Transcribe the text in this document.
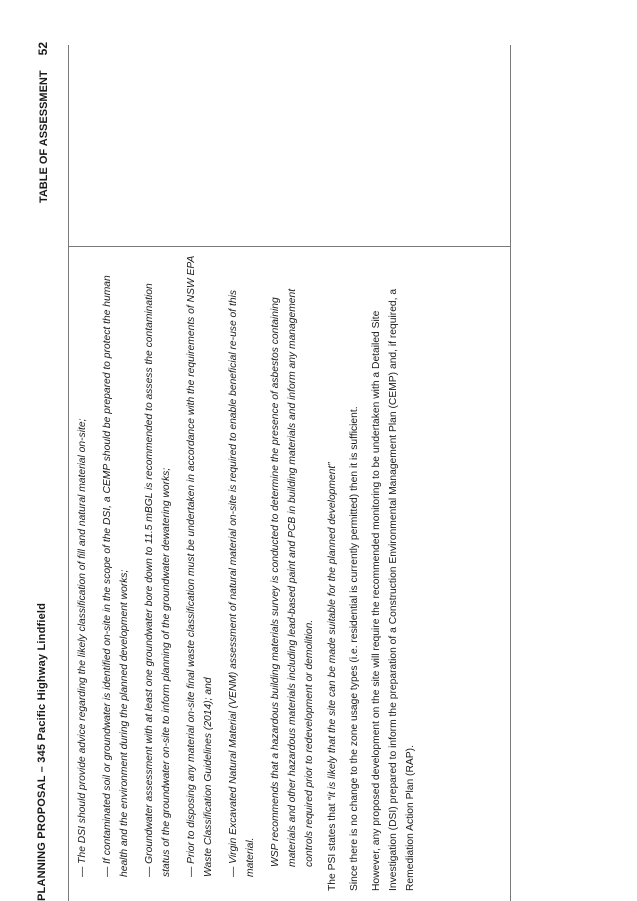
PLANNING PROPOSAL – 345 Pacific Highway Lindfield
TABLE OF ASSESSMENT 52

— The DSI should provide advice regarding the likely classification of fill and natural material on-site;

— If contaminated soil or groundwater is identified on-site in the scope of the DSI, a CEMP should be prepared to protect the human health and the environment during the planned development works; — Groundwater assessment with at least one groundwater bore down to 11.5 mBGL is recommended to assess the contamination status of the groundwater on-site to inform planning of the groundwater dewatering works; — Prior to disposing any material on-site final waste classification must be undertaken in accordance with the requirements of NSW EPA Waste Classification Guidelines (2014); and — Virgin Excavated Natural Material (VENM) assessment of natural material on-site is required to enable beneficial re-use of this material. WSP recommends that a hazardous building materials survey is conducted to determine the presence of asbestos containing materials and other hazardous materials including lead-based paint and PCB in building materials and inform any management controls required prior to redevelopment or demolition. The PSI states that “it is likely that the site can be made suitable for the planned development” Since there is no change to the zone usage types (i.e. residential is currently permitted) then it is sufficient. However, any proposed development on the site will require the recommended monitoring to be undertaken with a Detailed Site Investigation (DSI) prepared to inform the preparation of a Construction Environmental Management Plan (CEMP) and, if required, a Remediation Action Plan (RAP).
